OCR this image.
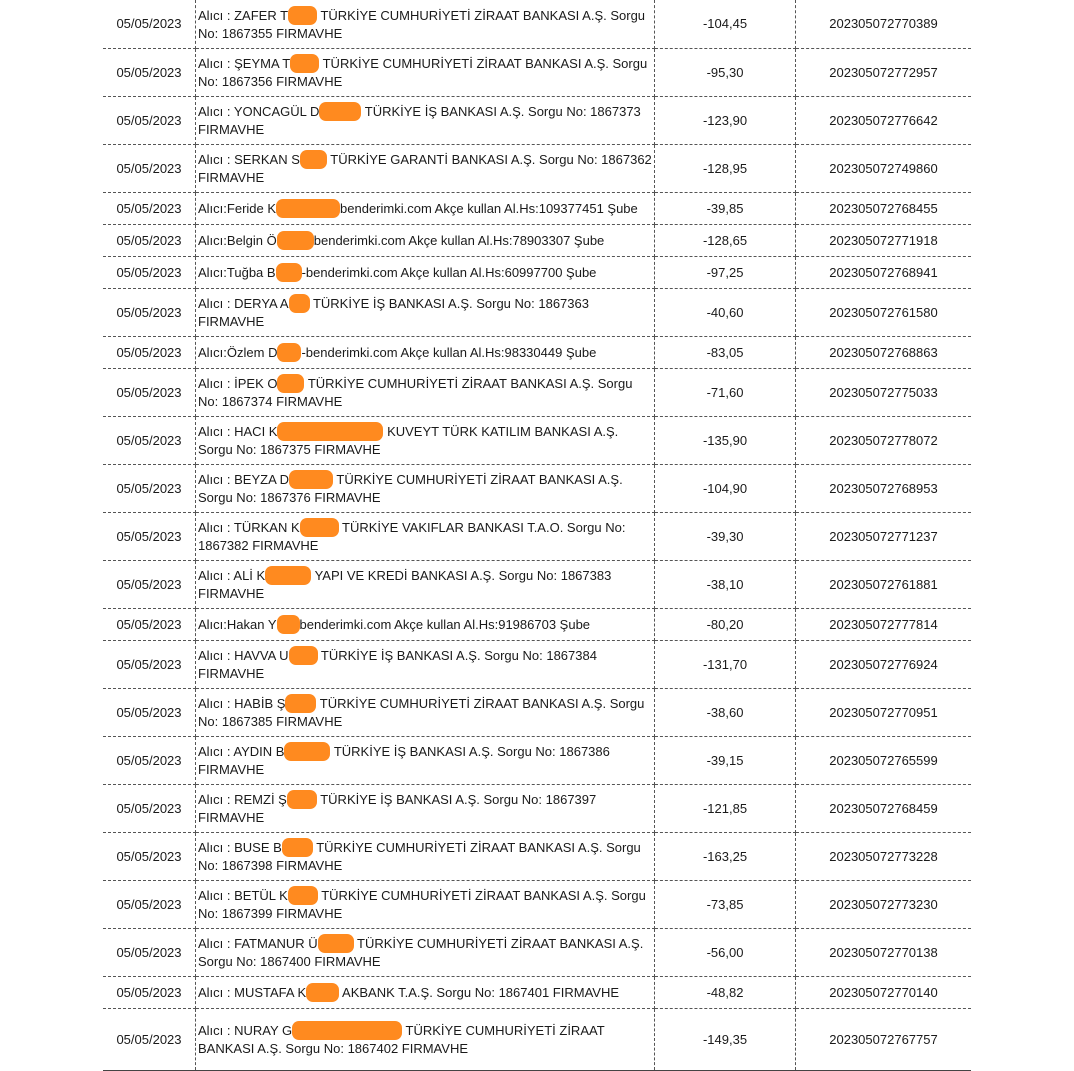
05/05/2023	Alıcı : ZAFER T TÜRKİYE CUMHURİYETİ ZİRAAT BANKASI A.Ş. Sorgu No: 1867355 FIRMAVHE	-104,45	202305072770389
05/05/2023	Alıcı : ŞEYMA T TÜRKİYE CUMHURİYETİ ZİRAAT BANKASI A.Ş. Sorgu No: 1867356 FIRMAVHE	-95,30	202305072772957
05/05/2023	Alıcı : YONCAGÜL D TÜRKİYE İŞ BANKASI A.Ş. Sorgu No: 1867373 FIRMAVHE	-123,90	202305072776642
05/05/2023	Alıcı : SERKAN S TÜRKİYE GARANTİ BANKASI A.Ş. Sorgu No: 1867362 FIRMAVHE	-128,95	202305072749860
05/05/2023	Alıcı:Feride K benderimki.com Akçe kullan Al.Hs:109377451 Şube	-39,85	202305072768455
05/05/2023	Alıcı:Belgin Ö benderimki.com Akçe kullan Al.Hs:78903307 Şube	-128,65	202305072771918
05/05/2023	Alıcı:Tuğba B -benderimki.com Akçe kullan Al.Hs:60997700 Şube	-97,25	202305072768941
05/05/2023	Alıcı : DERYA A TÜRKİYE İŞ BANKASI A.Ş. Sorgu No: 1867363 FIRMAVHE	-40,60	202305072761580
05/05/2023	Alıcı:Özlem D -benderimki.com Akçe kullan Al.Hs:98330449 Şube	-83,05	202305072768863
05/05/2023	Alıcı : İPEK O TÜRKİYE CUMHURİYETİ ZİRAAT BANKASI A.Ş. Sorgu No: 1867374 FIRMAVHE	-71,60	202305072775033
05/05/2023	Alıcı : HACI K KUVEYT TÜRK KATILIM BANKASI A.Ş. Sorgu No: 1867375 FIRMAVHE	-135,90	202305072778072
05/05/2023	Alıcı : BEYZA D TÜRKİYE CUMHURİYETİ ZİRAAT BANKASI A.Ş. Sorgu No: 1867376 FIRMAVHE	-104,90	202305072768953
05/05/2023	Alıcı : TÜRKAN K TÜRKİYE VAKIFLAR BANKASI T.A.O. Sorgu No: 1867382 FIRMAVHE	-39,30	202305072771237
05/05/2023	Alıcı : ALİ K YAPI VE KREDİ BANKASI A.Ş. Sorgu No: 1867383 FIRMAVHE	-38,10	202305072761881
05/05/2023	Alıcı:Hakan Y benderimki.com Akçe kullan Al.Hs:91986703 Şube	-80,20	202305072777814
05/05/2023	Alıcı : HAVVA U TÜRKİYE İŞ BANKASI A.Ş. Sorgu No: 1867384 FIRMAVHE	-131,70	202305072776924
05/05/2023	Alıcı : HABİB Ş TÜRKİYE CUMHURİYETİ ZİRAAT BANKASI A.Ş. Sorgu No: 1867385 FIRMAVHE	-38,60	202305072770951
05/05/2023	Alıcı : AYDIN B TÜRKİYE İŞ BANKASI A.Ş. Sorgu No: 1867386 FIRMAVHE	-39,15	202305072765599
05/05/2023	Alıcı : REMZİ Ş TÜRKİYE İŞ BANKASI A.Ş. Sorgu No: 1867397 FIRMAVHE	-121,85	202305072768459
05/05/2023	Alıcı : BUSE B TÜRKİYE CUMHURİYETİ ZİRAAT BANKASI A.Ş. Sorgu No: 1867398 FIRMAVHE	-163,25	202305072773228
05/05/2023	Alıcı : BETÜL K TÜRKİYE CUMHURİYETİ ZİRAAT BANKASI A.Ş. Sorgu No: 1867399 FIRMAVHE	-73,85	202305072773230
05/05/2023	Alıcı : FATMANUR Ü TÜRKİYE CUMHURİYETİ ZİRAAT BANKASI A.Ş. Sorgu No: 1867400 FIRMAVHE	-56,00	202305072770138
05/05/2023	Alıcı : MUSTAFA K AKBANK T.A.Ş. Sorgu No: 1867401 FIRMAVHE	-48,82	202305072770140
05/05/2023	Alıcı : NURAY G TÜRKİYE CUMHURİYETİ ZİRAAT BANKASI A.Ş. Sorgu No: 1867402 FIRMAVHE	-149,35	202305072767757
